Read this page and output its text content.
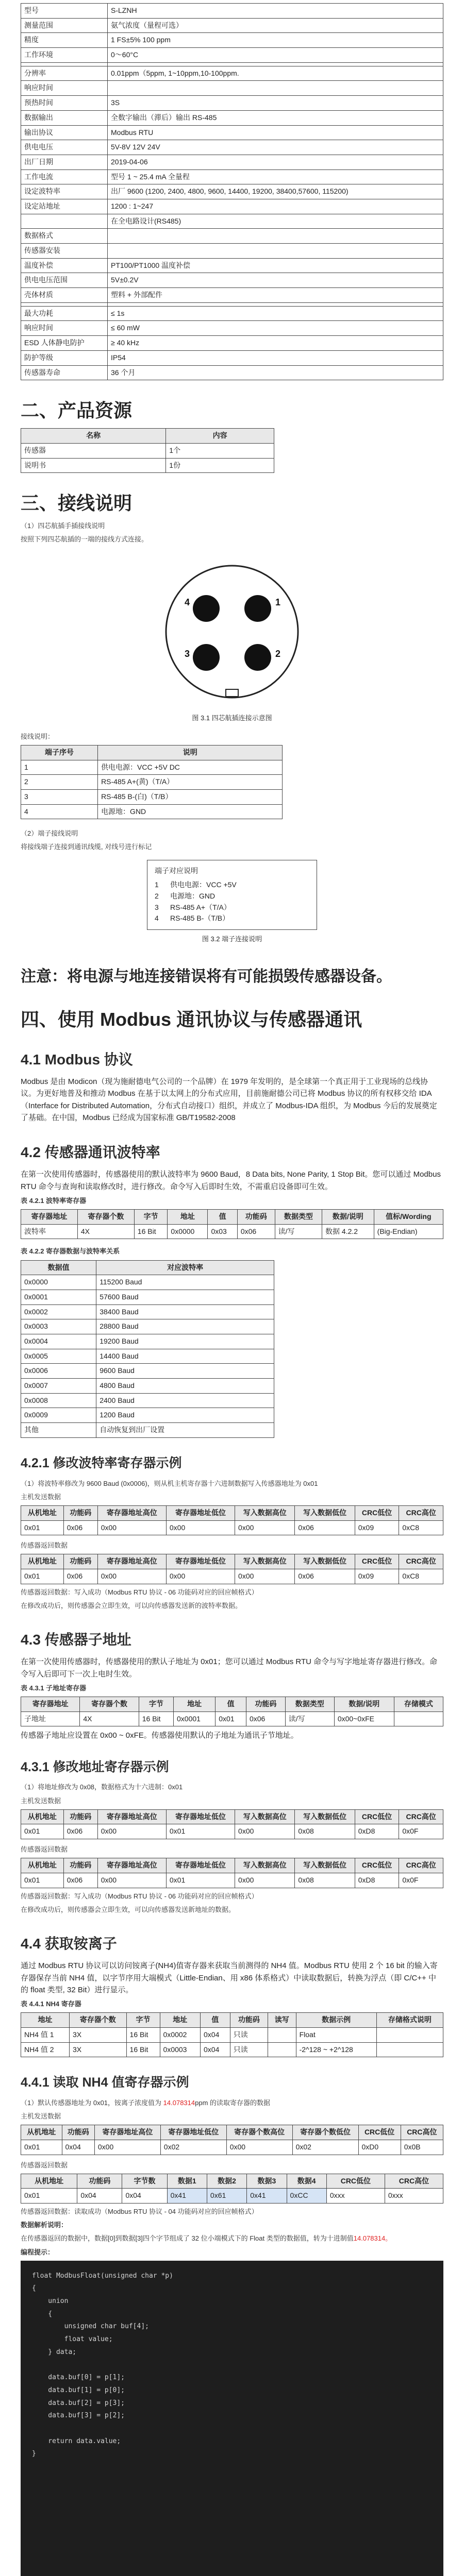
型号	S-LZNH
测量范围	氨气浓度（量程可选）
精度	1 FS±5% 100 ppm
工作环境	0～60°C

分辨率	0.01ppm（5ppm, 1~10ppm,10-100ppm.
响应时间	
预热时间	3S
数据输出	全数字输出（滞后）输出 RS-485
输出协议	Modbus RTU
供电电压	5V-8V 12V 24V
出厂日期	2019-04-06
工作电流	型号 1 ~ 25.4 mA 全量程
设定波特率	出厂 9600 (1200, 2400, 4800, 9600, 14400, 19200, 38400,57600, 115200)
设定站地址	1200 : 1~247
	在全电路设计(RS485)
数据格式	
传感器安装	
温度补偿	PT100/PT1000 温度补偿
供电电压范围	5V±0.2V
壳体材质	塑料 + 外部配件

最大功耗	≤ 1s
响应时间	≤ 60 mW
ESD 人体静电防护	≥ 40 kHz
防护等级	IP54
传感器寿命	36 个月
二、产品资源
名称	内容
传感器	1个
说明书	1份
三、接线说明

（1）四芯航插手插接线说明

按照下列四芯航插的一端的接线方式连接。

4	1
2
3

图 3.1 四芯航插连接示意图

接线说明：

端子序号	说明
1	供电电源：VCC +5V DC
2	RS-485 A+(黄)（T/A）
3	RS-485 B-(白)（T/B）
4	电源地：GND

（2）端子接线说明

将接线端子连接到通讯线缆, 对线号进行标记

端子对应说明
1	供电电源：VCC +5V
2	电源地：GND
3	RS-485 A+（T/A）
4	RS-485 B-（T/B）

图 3.2 端子连接说明

注意：将电源与地连接错误将有可能损毁传感器设备。
四、使用 Modbus 通讯协议与传感器通讯
4.1 Modbus 协议

Modbus 是由 Modicon（现为施耐德电气公司的一个品牌）在 1979 年发明的，是全球第一个真正用于工业现场的总线协议。为更好地普及和推动 Modbus 在基于以太网上的分布式应用，目前施耐德公司已将 Modbus 协议的所有权移交给 IDA（Interface for Distributed Automation，分布式自动接口）组织，并成立了 Modbus-IDA 组织，为 Modbus 今后的发展奠定了基础。在中国，Modbus 已经成为国家标准 GB/T19582-2008

4.2 传感器通讯波特率

在第一次使用传感器时，传感器使用的默认波特率为 9600 Baud，8 Data bits, None Parity, 1 Stop Bit。您可以通过 Modbus RTU 命令与查询和读取修改时，进行修改。命令写入后即时生效，不需重启设备即可生效。

表 4.2.1 波特率寄存器

寄存器地址	寄存器个数	字节	地址	值	功能码	数据类型	数据/说明	值标/Wording
波特率	4X	16 Bit	0x0000	0x03	0x06	读/写	数据 4.2.2	(Big-Endian)

表 4.2.2 寄存器数据与波特率关系

数据值	对应波特率
0x0000	115200 Baud
0x0001	57600 Baud
0x0002	38400 Baud
0x0003	28800 Baud
0x0004	19200 Baud
0x0005	14400 Baud
0x0006	9600 Baud
0x0007	4800 Baud
0x0008	2400 Baud
0x0009	1200 Baud
其他	自动恢复到出厂设置
4.2.1 修改波特率寄存器示例

（1）将波特率修改为 9600 Baud (0x0006)，则从机主机寄存器十六进制数据写入传感器地址为 0x01

主机发送数据

从机地址	功能码	寄存器地址高位	寄存器地址低位	写入数据高位	写入数据低位	CRC低位	CRC高位
0x01	0x06	0x00	0x00	0x00	0x06	0x09	0xC8

传感器返回数据

从机地址	功能码	寄存器地址高位	寄存器地址低位	写入数据高位	写入数据低位	CRC低位	CRC高位
0x01	0x06	0x00	0x00	0x00	0x06	0x09	0xC8

传感器返回数据：写入成功（Modbus RTU 协议 - 06 功能码对应的回应帧格式）

在修改成功后，则传感器会立即生效，可以向传感器发送新的波特率数据。

4.3 传感器子地址

在第一次使用传感器时，传感器使用的默认子地址为 0x01；您可以通过 Modbus RTU 命令与写字地址寄存器进行修改。命令写入后即可下一次上电时生效。

表 4.3.1 子地址寄存器

寄存器地址	寄存器个数	字节	地址	值	功能码	数据类型	数据/说明	存储模式
子地址	4X	16 Bit	0x0001	0x01	0x06	读/写	0x00~0xFE	

传感器子地址应设置在 0x00 ~ 0xFE。传感器使用默认的子地址为通讯子节地址。

4.3.1 修改地址寄存器示例

（1）将地址修改为 0x08，数据格式为十六进制：0x01

主机发送数据

从机地址	功能码	寄存器地址高位	寄存器地址低位	写入数据高位	写入数据低位	CRC低位	CRC高位
0x01	0x06	0x00	0x01	0x00	0x08	0xD8	0x0F

传感器返回数据

从机地址	功能码	寄存器地址高位	寄存器地址低位	写入数据高位	写入数据低位	CRC低位	CRC高位
0x01	0x06	0x00	0x01	0x00	0x08	0xD8	0x0F

传感器返回数据：写入成功（Modbus RTU 协议 - 06 功能码对应的回应帧格式）

在修改成功后，则传感器会立即生效，可以向传感器发送新地址的数据。

4.4 获取铵离子

通过 Modbus RTU 协议可以访问铵离子(NH4)值寄存器来获取当前测得的 NH4 值。Modbus RTU 使用 2 个 16 bit 的输入寄存器保存当前 NH4 值，以字节序用大端模式（Little-Endian、用 x86 体系格式）中读取数据后，转换为浮点（即 C/C++ 中的 float 类型, 32 Bit）进行显示。

表 4.4.1 NH4 寄存器

地址	寄存器个数	字节	地址	值	功能码	读写	数据示例	存储格式说明
NH4 值 1	3X	16 Bit	0x0002	0x04	只读		Float	
NH4 值 2	3X	16 Bit	0x0003	0x04	只读		-2^128 ~ +2^128	
4.4.1 读取 NH4 值寄存器示例

（1）默认传感器地址为 0x01，铵离子浓度值为 14.078314ppm 的读取寄存器的数据

主机发送数据

从机地址	功能码	寄存器地址高位	寄存器地址低位	寄存器个数高位	寄存器个数低位	CRC低位	CRC高位
0x01	0x04	0x00	0x02	0x00	0x02	0xD0	0x0B

传感器返回数据

从机地址	功能码	字节数	数据1	数据2	数据3	数据4	CRC低位	CRC高位
0x01	0x04	0x04	0x41	0x61	0x41	0xCC	0xxx	0xxx

传感器返回数据：读取成功（Modbus RTU 协议 - 04 功能码对应的回应帧格式）

数据解析说明：

在传感器返回的数据中，数据[0]到数据[3]四个字节组成了 32 位小端模式下的 Float 类型的数据值，转为十进制值14.078314。

编程提示：

float ModbusFloat(unsigned char *p)
{
union
{
unsigned char buf[4];
float value;
} data;

data.buf[0] = p[1];
data.buf[1] = p[0];
data.buf[2] = p[3];
data.buf[3] = p[2];

return data.value;
}
